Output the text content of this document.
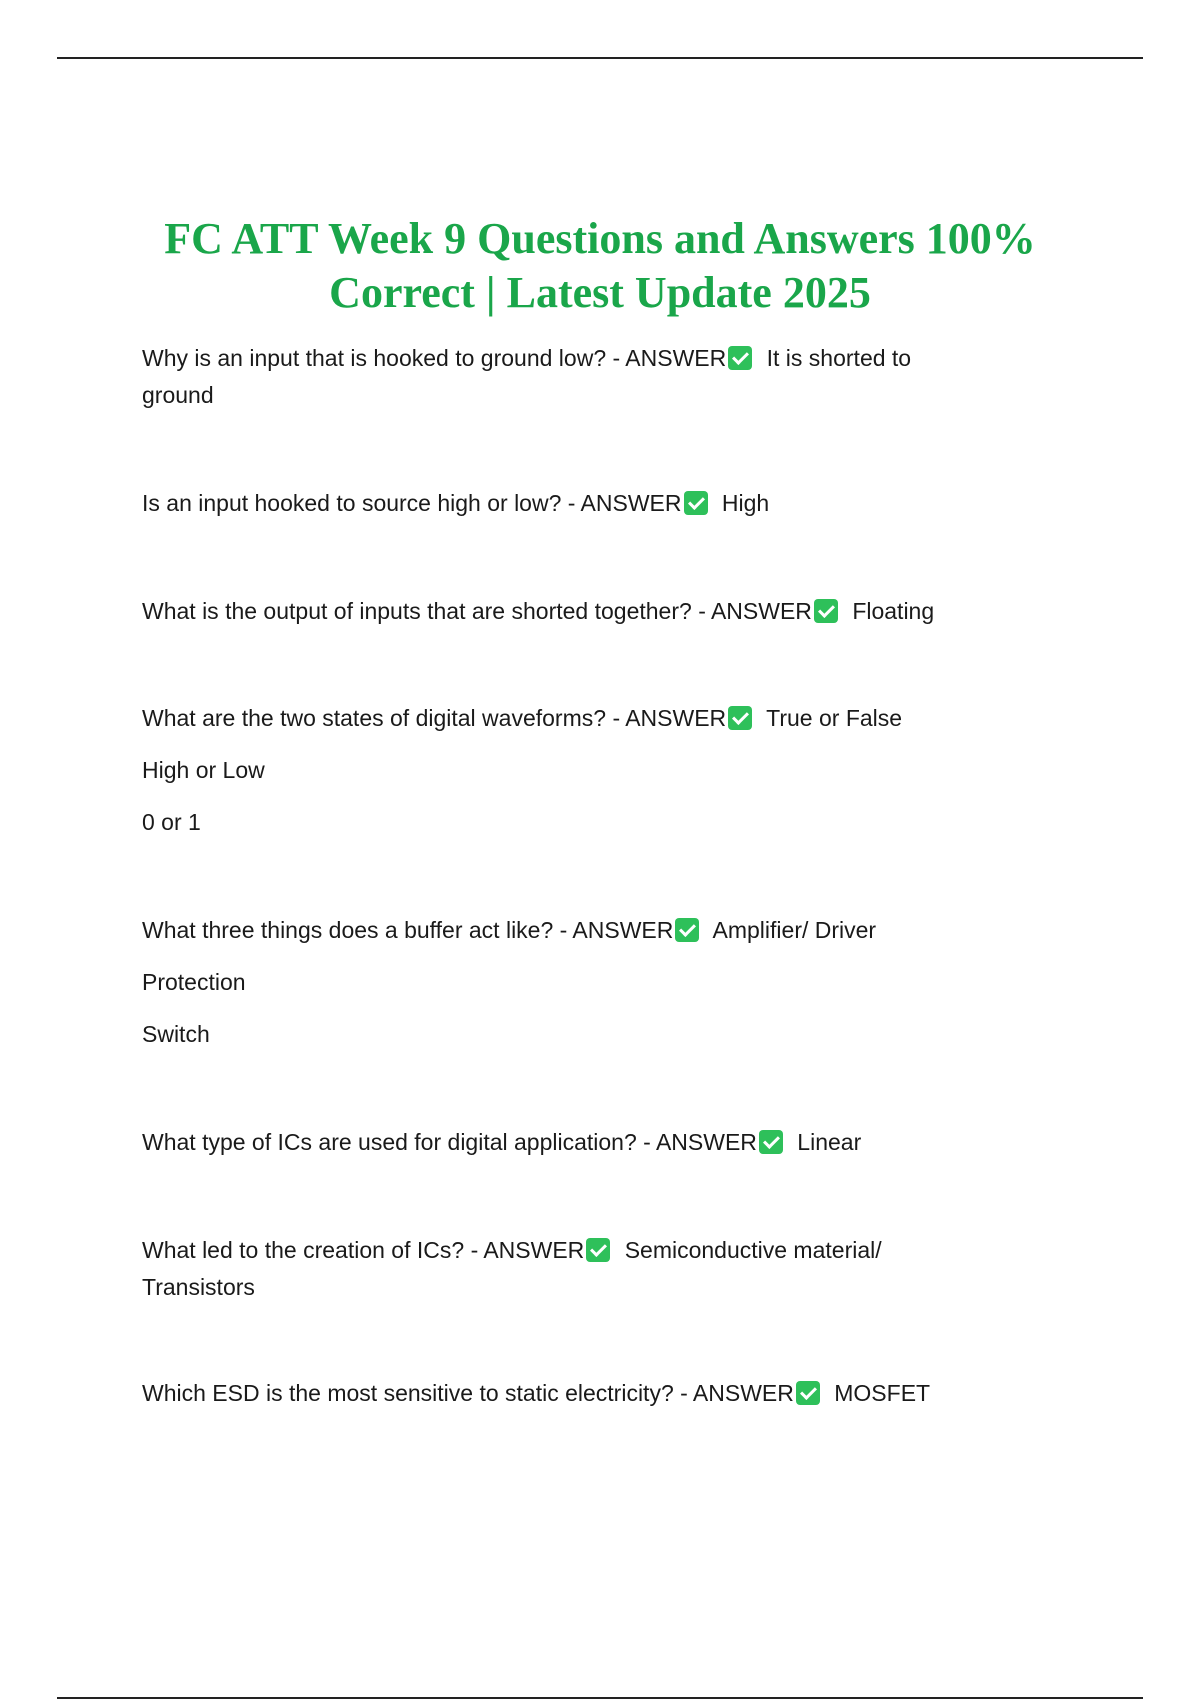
FC ATT Week 9 Questions and Answers 100%
Correct | Latest Update 2025
Why is an input that is hooked to ground low? - ANSWER It is shorted to
ground
Is an input hooked to source high or low? - ANSWER High
What is the output of inputs that are shorted together? - ANSWER Floating
What are the two states of digital waveforms? - ANSWER True or False
High or Low
0 or 1
What three things does a buffer act like? - ANSWER Amplifier/ Driver
Protection
Switch
What type of ICs are used for digital application? - ANSWER Linear
What led to the creation of ICs? - ANSWER Semiconductive material/
Transistors
Which ESD is the most sensitive to static electricity? - ANSWER MOSFET
